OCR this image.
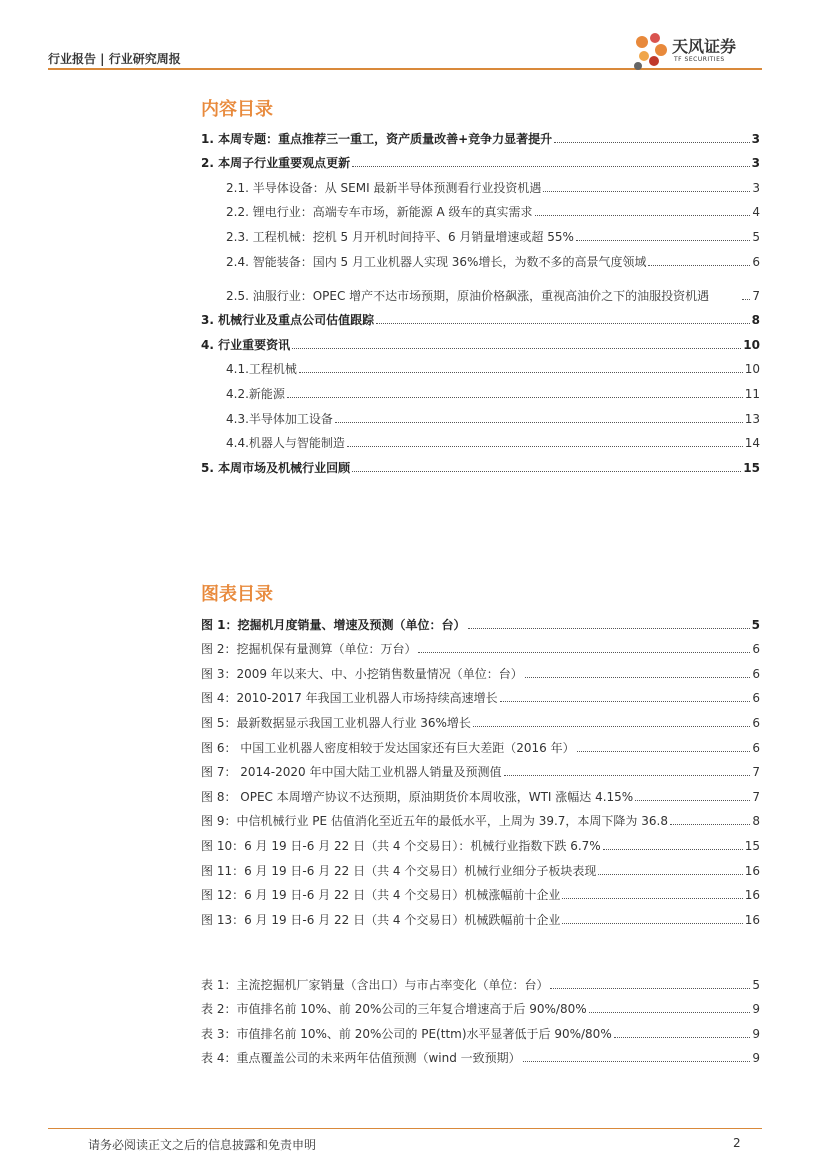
行业报告 | 行业研究周报
天风证券
TF SECURITIES
内容目录
1. 本周专题：重点推荐三一重工，资产质量改善+竞争力显著提升	3
2. 本周子行业重要观点更新	3
2.1. 半导体设备：从 SEMI 最新半导体预测看行业投资机遇	3
2.2. 锂电行业：高端专车市场，新能源 A 级车的真实需求	4
2.3. 工程机械：挖机 5 月开机时间持平、6 月销量增速或超 55%	5
2.4. 智能装备：国内 5 月工业机器人实现 36%增长，为数不多的高景气度领域	6
2.5. 油服行业：OPEC 增产不达市场预期，原油价格飙涨，重视高油价之下的油服投资机遇	7
3. 机械行业及重点公司估值跟踪	8
4. 行业重要资讯	10
4.1.工程机械	10
4.2.新能源	11
4.3.半导体加工设备	13
4.4.机器人与智能制造	14
5. 本周市场及机械行业回顾	15
图表目录
图 1：挖掘机月度销量、增速及预测（单位：台）	5
图 2：挖掘机保有量测算（单位：万台）	6
图 3：2009 年以来大、中、小挖销售数量情况（单位：台）	6
图 4：2010-2017 年我国工业机器人市场持续高速增长	6
图 5：最新数据显示我国工业机器人行业 36%增长	6
图 6： 中国工业机器人密度相较于发达国家还有巨大差距（2016 年）	6
图 7： 2014-2020 年中国大陆工业机器人销量及预测值	7
图 8： OPEC 本周增产协议不达预期，原油期货价本周收涨，WTI 涨幅达 4.15%	7
图 9：中信机械行业 PE 估值消化至近五年的最低水平，上周为 39.7，本周下降为 36.8	8
图 10：6 月 19 日-6 月 22 日（共 4 个交易日）：机械行业指数下跌 6.7%	15
图 11：6 月 19 日-6 月 22 日（共 4 个交易日）机械行业细分子板块表现	16
图 12：6 月 19 日-6 月 22 日（共 4 个交易日）机械涨幅前十企业	16
图 13：6 月 19 日-6 月 22 日（共 4 个交易日）机械跌幅前十企业	16
表 1：主流挖掘机厂家销量（含出口）与市占率变化（单位：台）	5
表 2：市值排名前 10%、前 20%公司的三年复合增速高于后 90%/80%	9
表 3：市值排名前 10%、前 20%公司的 PE(ttm)水平显著低于后 90%/80%	9
表 4：重点覆盖公司的未来两年估值预测（wind 一致预期）	9
请务必阅读正文之后的信息披露和免责申明	2
